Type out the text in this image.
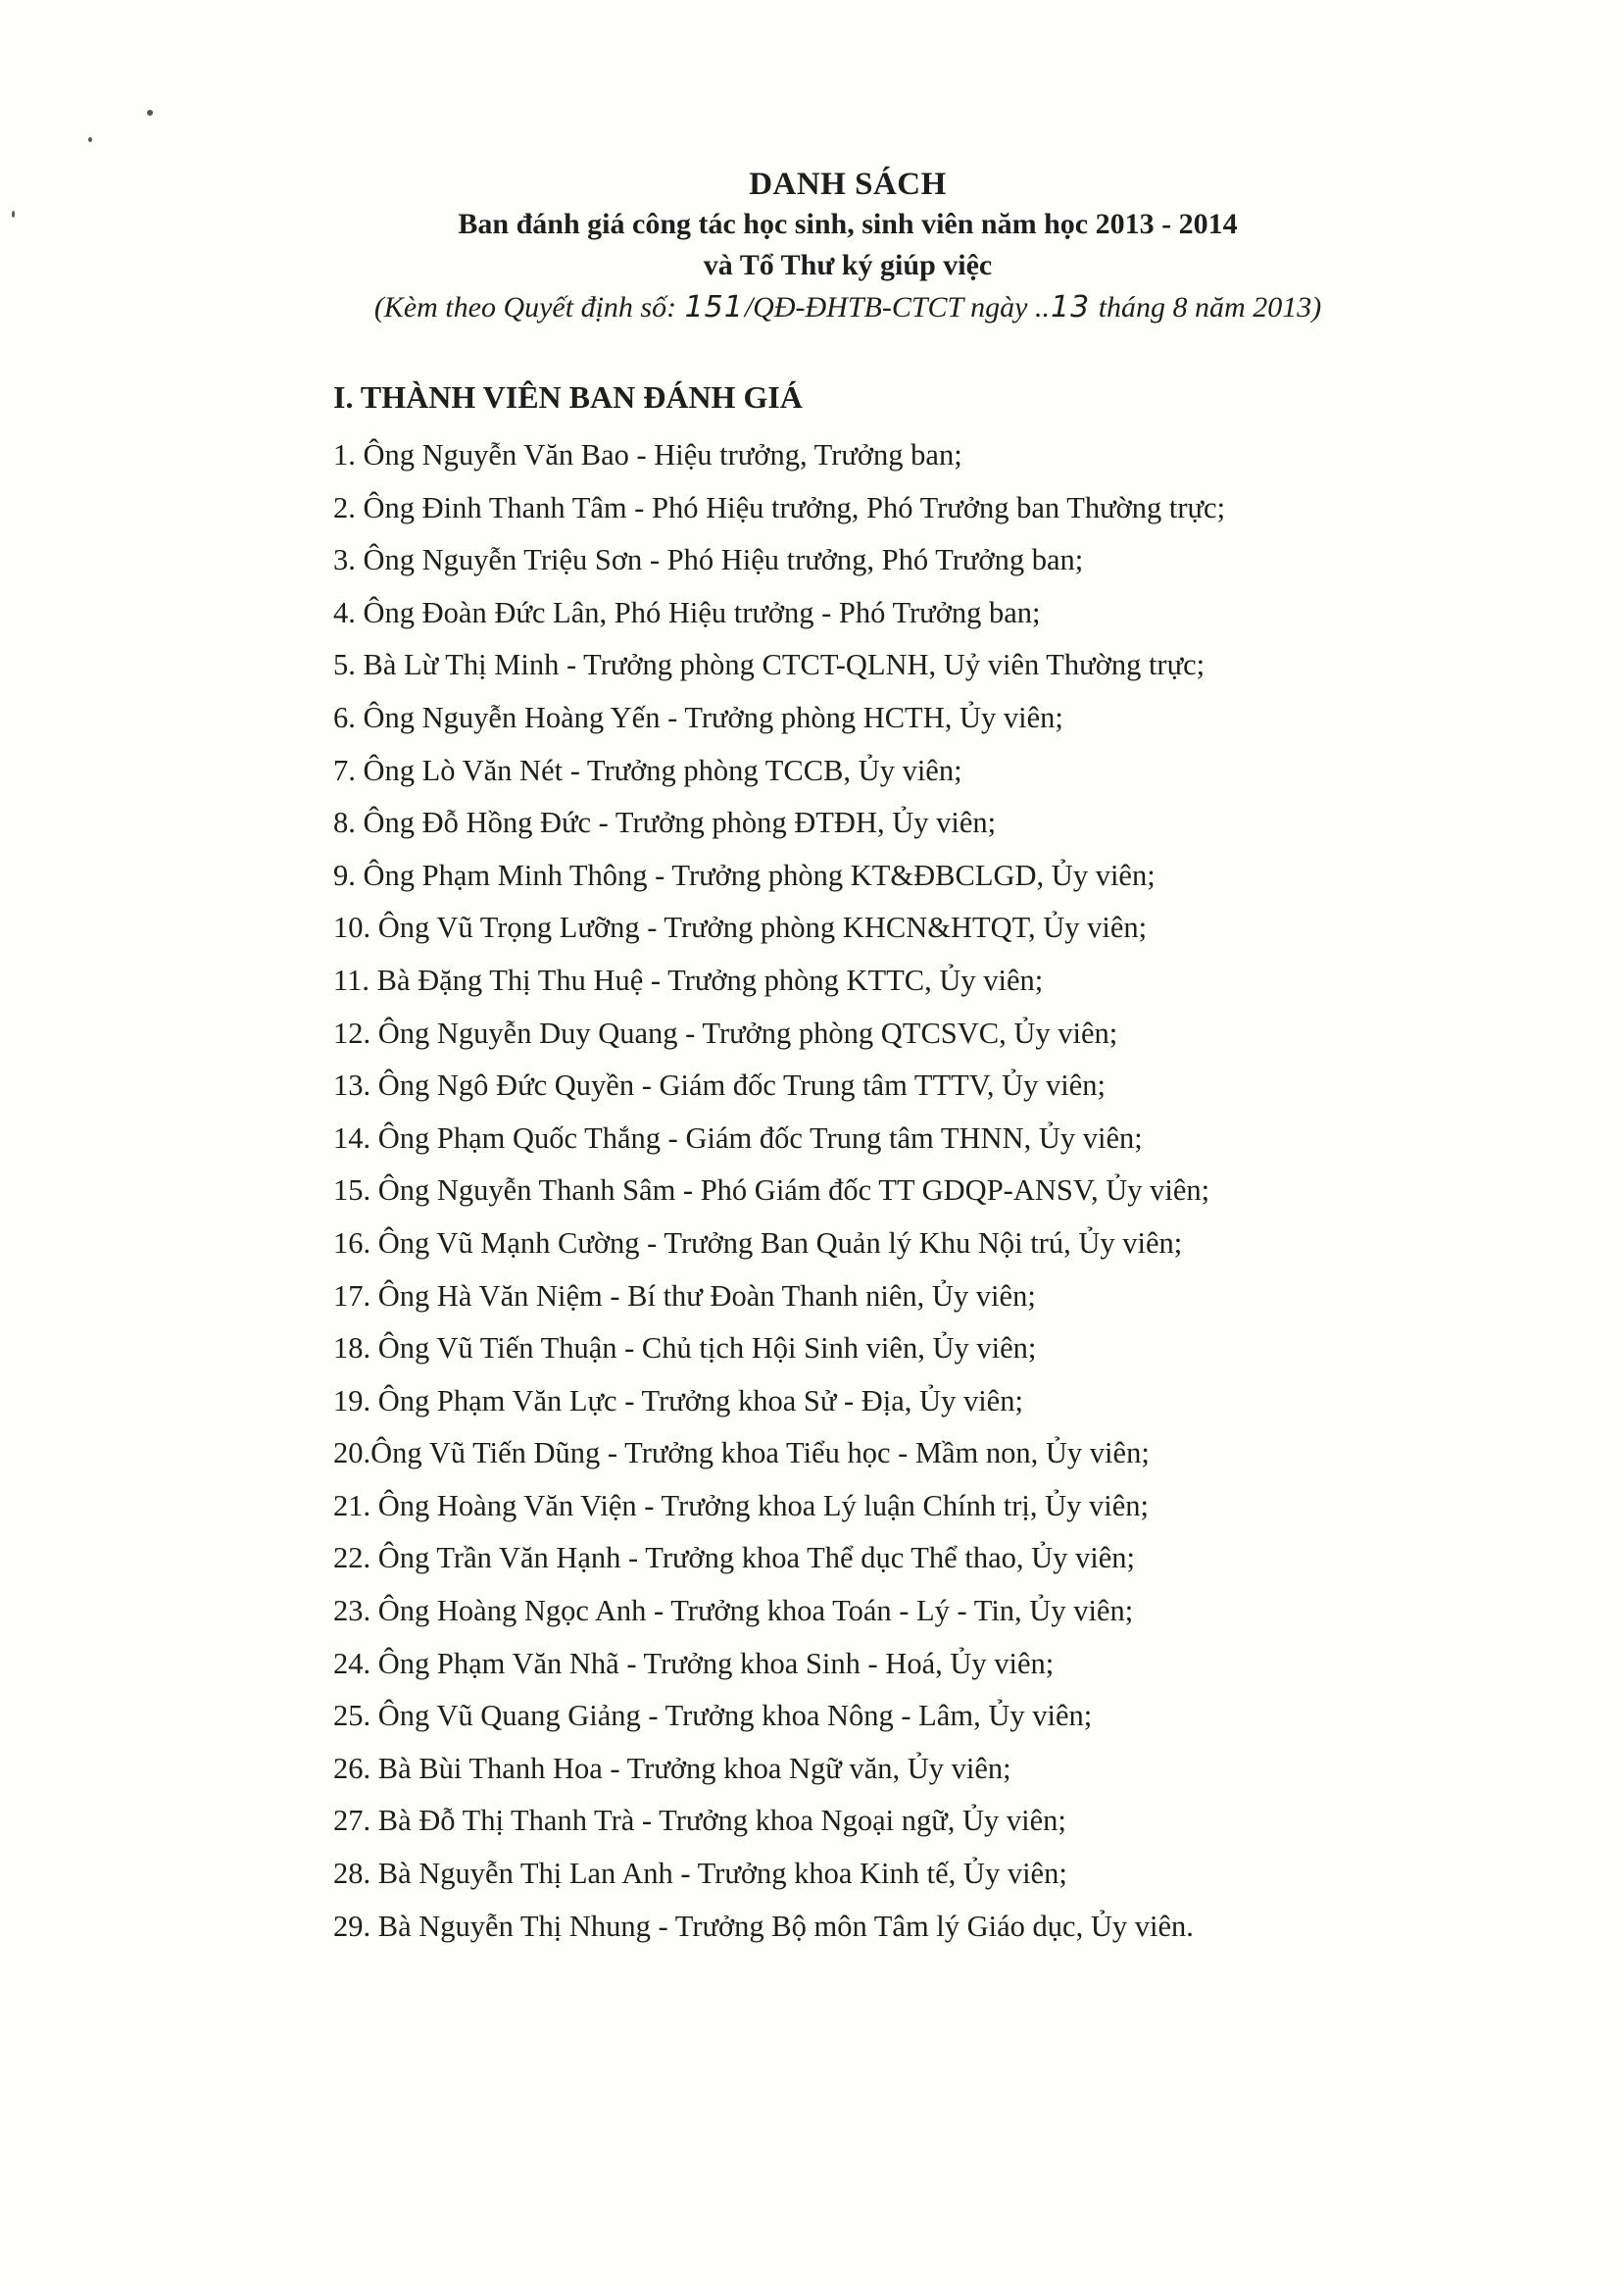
DANH SÁCH
Ban đánh giá công tác học sinh, sinh viên năm học 2013 - 2014
và Tổ Thư ký giúp việc
(Kèm theo Quyết định số: 151/QĐ-ĐHTB-CTCT ngày ..13 tháng 8 năm 2013)
I. THÀNH VIÊN BAN ĐÁNH GIÁ
1. Ông Nguyễn Văn Bao - Hiệu trưởng, Trưởng ban;
2. Ông Đinh Thanh Tâm - Phó Hiệu trưởng, Phó Trưởng ban Thường trực;
3. Ông Nguyễn Triệu Sơn - Phó Hiệu trưởng, Phó Trưởng ban;
4. Ông Đoàn Đức Lân, Phó Hiệu trưởng - Phó Trưởng ban;
5. Bà Lừ Thị Minh - Trưởng phòng CTCT-QLNH, Uỷ viên Thường trực;
6. Ông Nguyễn Hoàng Yến - Trưởng phòng HCTH, Ủy viên;
7. Ông Lò Văn Nét - Trưởng phòng TCCB, Ủy viên;
8. Ông Đỗ Hồng Đức - Trưởng phòng ĐTĐH, Ủy viên;
9. Ông Phạm Minh Thông - Trưởng phòng KT&ĐBCLGD, Ủy viên;
10. Ông Vũ Trọng Lưỡng - Trưởng phòng KHCN&HTQT, Ủy viên;
11. Bà Đặng Thị Thu Huệ - Trưởng phòng KTTC, Ủy viên;
12. Ông Nguyễn Duy Quang - Trưởng phòng QTCSVC, Ủy viên;
13. Ông Ngô Đức Quyền - Giám đốc Trung tâm TTTV, Ủy viên;
14. Ông Phạm Quốc Thắng - Giám đốc Trung tâm THNN, Ủy viên;
15. Ông Nguyễn Thanh Sâm - Phó Giám đốc TT GDQP-ANSV, Ủy viên;
16. Ông Vũ Mạnh Cường - Trưởng Ban Quản lý Khu Nội trú, Ủy viên;
17. Ông Hà Văn Niệm - Bí thư Đoàn Thanh niên, Ủy viên;
18. Ông Vũ Tiến Thuận - Chủ tịch Hội Sinh viên, Ủy viên;
19. Ông Phạm Văn Lực - Trưởng khoa Sử - Địa, Ủy viên;
20.Ông Vũ Tiến Dũng - Trưởng khoa Tiểu học - Mầm non, Ủy viên;
21. Ông Hoàng Văn Viện - Trưởng khoa Lý luận Chính trị, Ủy viên;
22. Ông Trần Văn Hạnh - Trưởng khoa Thể dục Thể thao, Ủy viên;
23. Ông Hoàng Ngọc Anh - Trưởng khoa Toán - Lý - Tin, Ủy viên;
24. Ông Phạm Văn Nhã - Trưởng khoa Sinh - Hoá, Ủy viên;
25. Ông Vũ Quang Giảng - Trưởng khoa Nông - Lâm, Ủy viên;
26. Bà Bùi Thanh Hoa - Trưởng khoa Ngữ văn, Ủy viên;
27. Bà Đỗ Thị Thanh Trà - Trưởng khoa Ngoại ngữ, Ủy viên;
28. Bà Nguyễn Thị Lan Anh - Trưởng khoa Kinh tế, Ủy viên;
29. Bà Nguyễn Thị Nhung - Trưởng Bộ môn Tâm lý Giáo dục, Ủy viên.
